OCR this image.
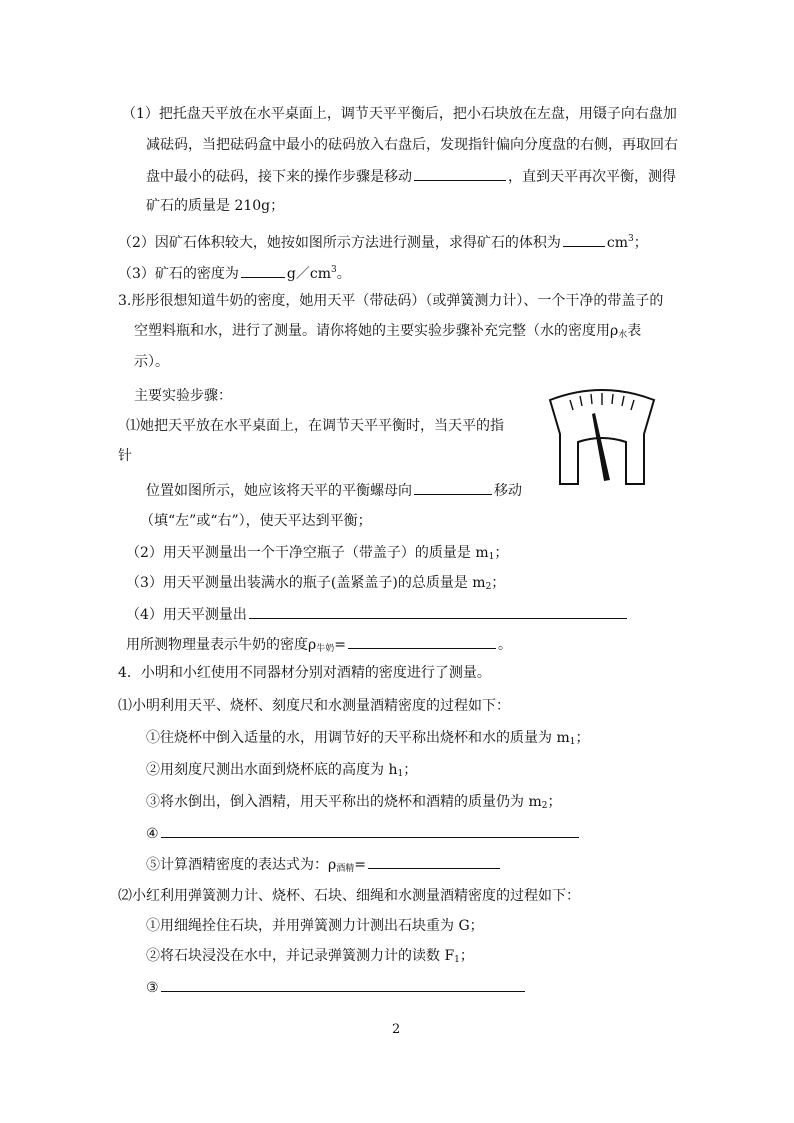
（1）把托盘天平放在水平桌面上，调节天平平衡后，把小石块放在左盘，用镊子向右盘加
减砝码，当把砝码盒中最小的砝码放入右盘后，发现指针偏向分度盘的右侧，再取回右
盘中最小的砝码，接下来的操作步骤是移动	，直到天平再次平衡，测得
矿石的质量是 210g；
（2）因矿石体积较大，她按如图所示方法进行测量，求得矿石的体积为	$cm^3$；
（3）矿石的密度为	$g/cm^3$。
3.彤彤很想知道牛奶的密度，她用天平（带砝码）（或弹簧测力计）、一个干净的带盖子的
空塑料瓶和水，进行了测量。请你将她的主要实验步骤补充完整（水的密度用$\rho_水$表
示）。
主要实验步骤：
⑴她把天平放在水平桌面上，在调节天平平衡时，当天平的指
针
位置如图所示，她应该将天平的平衡螺母向	移动
（填“左”或“右”），使天平达到平衡；
（2）用天平测量出一个干净空瓶子（带盖子）的质量是 $m_1$；
（3）用天平测量出装满水的瓶子(盖紧盖子)的总质量是 $m_2$；
（4）用天平测量出
用所测物理量表示牛奶的密度$\rho_{牛奶}=$	。
4．小明和小红使用不同器材分别对酒精的密度进行了测量。
⑴小明利用天平、烧杯、刻度尺和水测量酒精密度的过程如下：
①往烧杯中倒入适量的水，用调节好的天平称出烧杯和水的质量为 $m_1$；
②用刻度尺测出水面到烧杯底的高度为 $h_1$；
③将水倒出，倒入酒精，用天平称出的烧杯和酒精的质量仍为 $m_2$；
④
⑤计算酒精密度的表达式为：$\rho_{酒精}=$
⑵小红利用弹簧测力计、烧杯、石块、细绳和水测量酒精密度的过程如下：
①用细绳拴住石块，并用弹簧测力计测出石块重为 G；
②将石块浸没在水中，并记录弹簧测力计的读数 $F_1$；
③
2
